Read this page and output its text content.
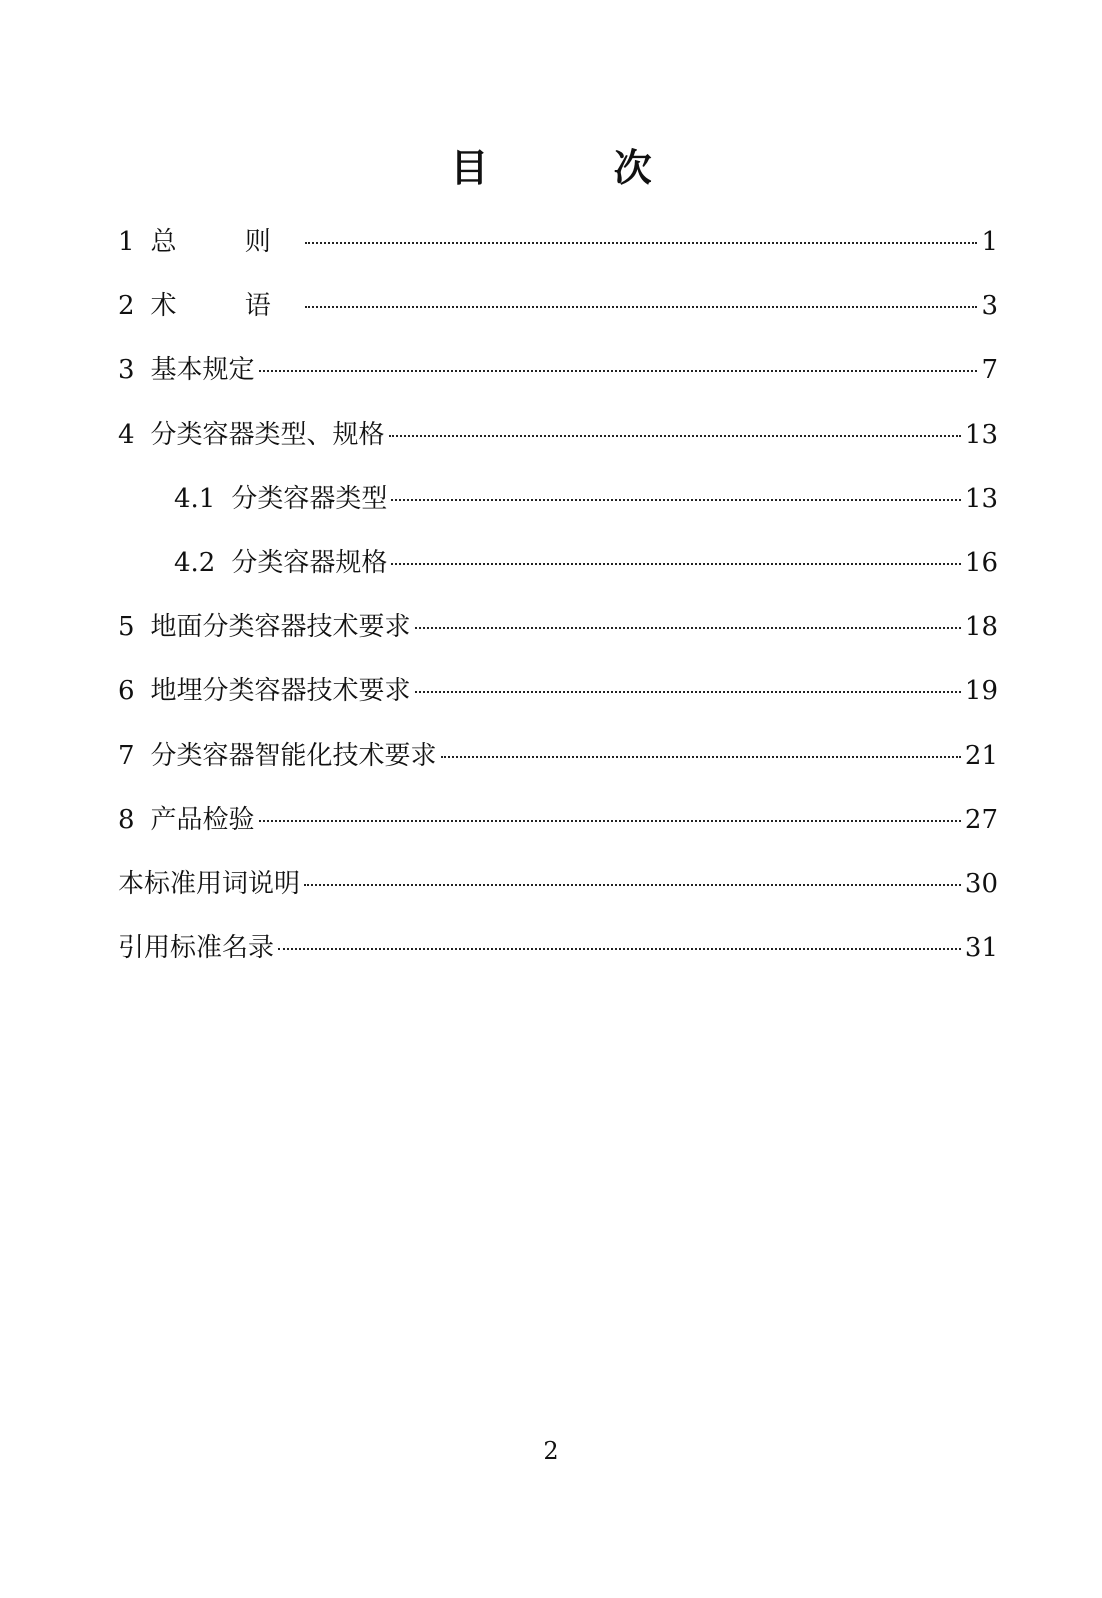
目 次
1 总 则	1
2 术 语	3
3 基本规定	7
4 分类容器类型、规格	13
4.1 分类容器类型	13
4.2 分类容器规格	16
5 地面分类容器技术要求	18
6 地埋分类容器技术要求	19
7 分类容器智能化技术要求	21
8 产品检验	27
本标准用词说明	30
引用标准名录	31
2
